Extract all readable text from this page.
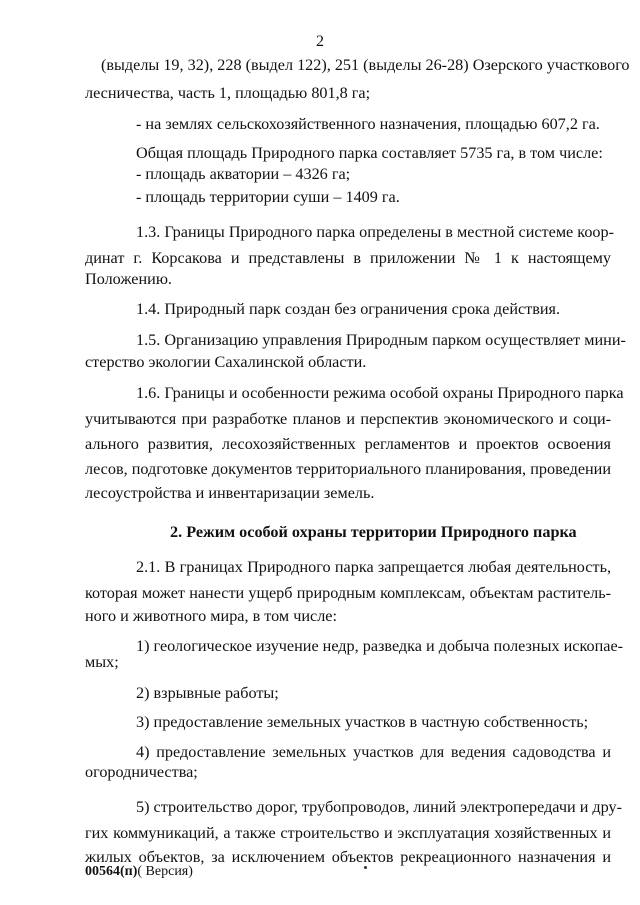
2
(выделы 19, 32), 228 (выдел 122), 251 (выделы 26-28) Озерского участкового
лесничества, часть 1, площадью 801,8 га;
- на землях сельскохозяйственного назначения, площадью 607,2 га.
Общая площадь Природного парка составляет 5735 га, в том числе:
- площадь акватории – 4326 га;
- площадь территории суши – 1409 га.
1.3. Границы Природного парка определены в местной системе коор-
динат г. Корсакова и представлены в приложении № 1 к настоящему
Положению.
1.4. Природный парк создан без ограничения срока действия.
1.5. Организацию управления Природным парком осуществляет мини-
стерство экологии Сахалинской области.
1.6. Границы и особенности режима особой охраны Природного парка
учитываются при разработке планов и перспектив экономического и соци-
ального развития, лесохозяйственных регламентов и проектов освоения
лесов, подготовке документов территориального планирования, проведении
лесоустройства и инвентаризации земель.
2. Режим особой охраны территории Природного парка
2.1. В границах Природного парка запрещается любая деятельность,
которая может нанести ущерб природным комплексам, объектам раститель-
ного и животного мира, в том числе:
1) геологическое изучение недр, разведка и добыча полезных ископае-
мых;
2) взрывные работы;
3) предоставление земельных участков в частную собственность;
4) предоставление земельных участков для ведения садоводства и
огородничества;
5) строительство дорог, трубопроводов, линий электропередачи и дру-
гих коммуникаций, а также строительство и эксплуатация хозяйственных и
жилых объектов, за исключением объектов рекреационного назначения и
00564(п)( Версия)
